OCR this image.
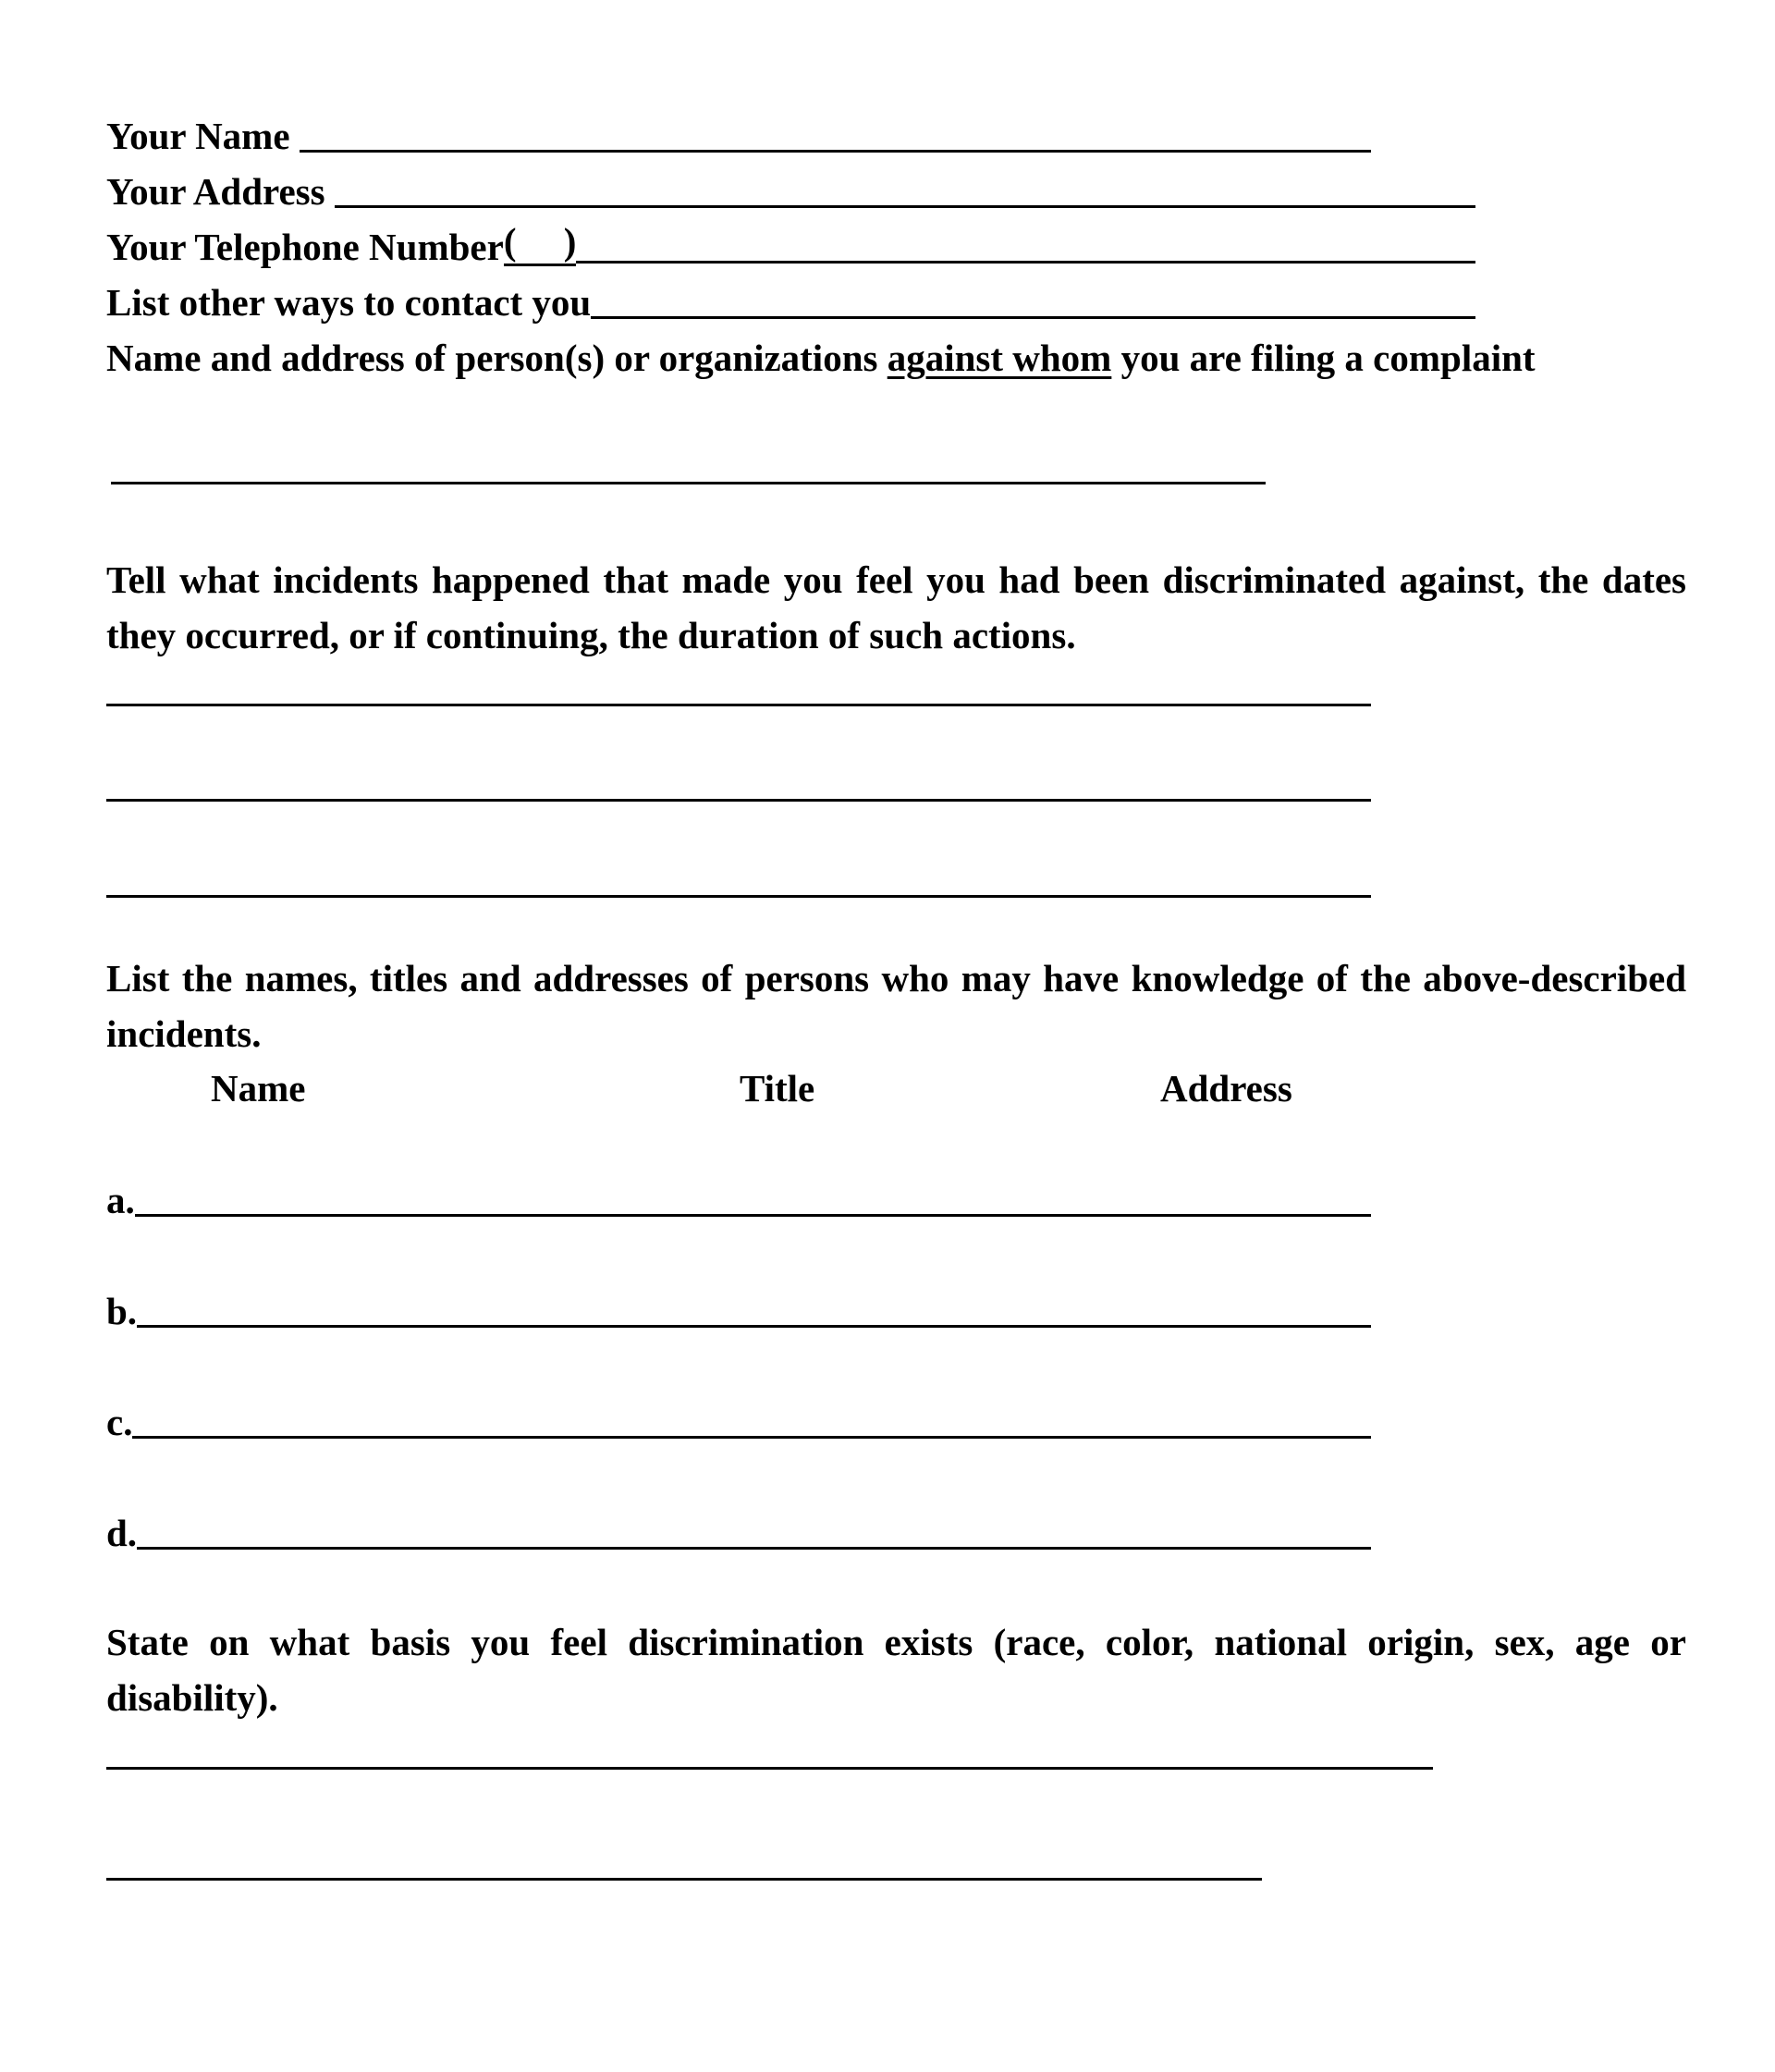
Your Name
Your Address
Your Telephone Number (     )
List other ways to contact you
Name and address of person(s) or organizations against whom you are filing a complaint
Tell what incidents happened that made you feel you had been discriminated against, the dates they occurred, or if continuing, the duration of such actions.
List the names, titles and addresses of persons who may have knowledge of the above-described incidents.
Name	Title	Address
a.
b.
c.
d.
State on what basis you feel discrimination exists (race, color, national origin, sex, age or disability).
